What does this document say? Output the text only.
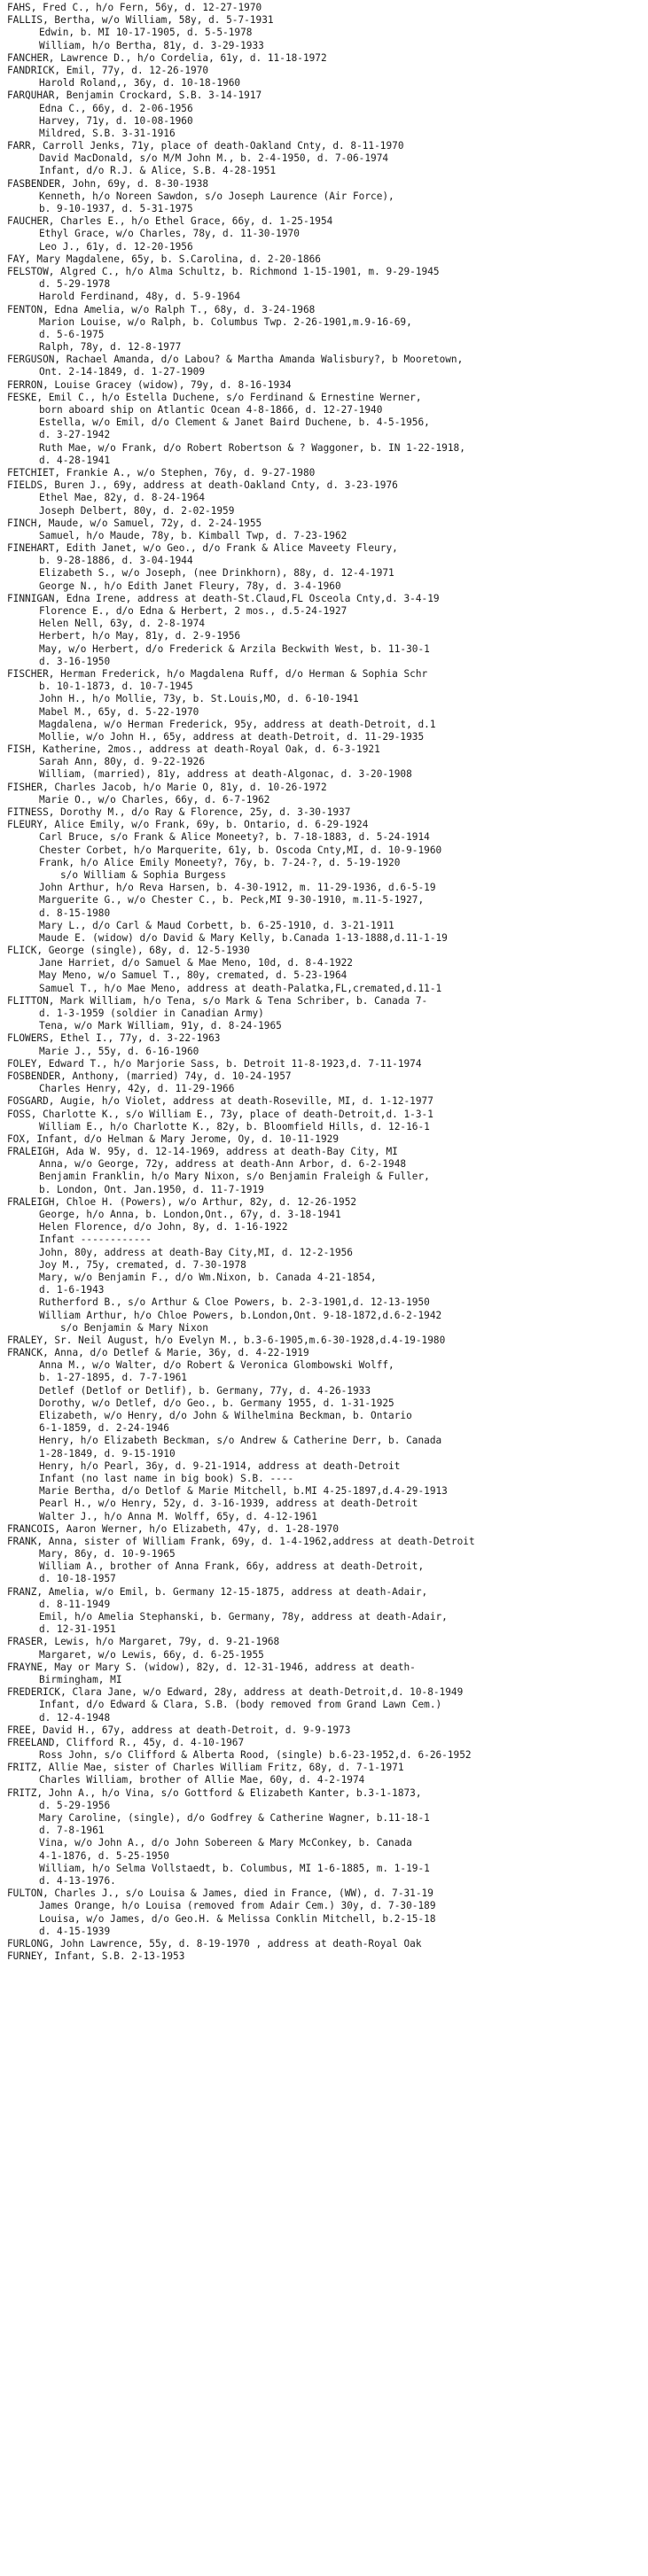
FAHS, Fred C., h/o Fern, 56y, d. 12-27-1970
FALLIS, Bertha, w/o William, 58y, d. 5-7-1931
Edwin, b. MI 10-17-1905, d. 5-5-1978
William, h/o Bertha, 81y, d. 3-29-1933
FANCHER, Lawrence D., h/o Cordelia, 61y, d. 11-18-1972
FANDRICK, Emil, 77y, d. 12-26-1970
Harold Roland,, 36y, d. 10-18-1960
FARQUHAR, Benjamin Crockard, S.B. 3-14-1917
Edna C., 66y, d. 2-06-1956
Harvey, 71y, d. 10-08-1960
Mildred, S.B. 3-31-1916
FARR, Carroll Jenks, 71y, place of death-Oakland Cnty, d. 8-11-1970
David MacDonald, s/o M/M John M., b. 2-4-1950, d. 7-06-1974
Infant, d/o R.J. & Alice, S.B. 4-28-1951
FASBENDER, John, 69y, d. 8-30-1938
Kenneth, h/o Noreen Sawdon, s/o Joseph Laurence (Air Force),
b. 9-10-1937, d. 5-31-1975
FAUCHER, Charles E., h/o Ethel Grace, 66y, d. 1-25-1954
Ethyl Grace, w/o Charles, 78y, d. 11-30-1970
Leo J., 61y, d. 12-20-1956
FAY, Mary Magdalene, 65y, b. S.Carolina, d. 2-20-1866
FELSTOW, Algred C., h/o Alma Schultz, b. Richmond 1-15-1901, m. 9-29-1945
d. 5-29-1978
Harold Ferdinand, 48y, d. 5-9-1964
FENTON, Edna Amelia, w/o Ralph T., 68y, d. 3-24-1968
Marion Louise, w/o Ralph, b. Columbus Twp. 2-26-1901,m.9-16-69,
d. 5-6-1975
Ralph, 78y, d. 12-8-1977
FERGUSON, Rachael Amanda, d/o Labou? & Martha Amanda Walisbury?, b Mooretown,
Ont. 2-14-1849, d. 1-27-1909
FERRON, Louise Gracey (widow), 79y, d. 8-16-1934
FESKE, Emil C., h/o Estella Duchene, s/o Ferdinand & Ernestine Werner,
born aboard ship on Atlantic Ocean 4-8-1866, d. 12-27-1940
Estella, w/o Emil, d/o Clement & Janet Baird Duchene, b. 4-5-1956,
d. 3-27-1942
Ruth Mae, w/o Frank, d/o Robert Robertson & ? Waggoner, b. IN 1-22-1918,
d. 4-28-1941
FETCHIET, Frankie A., w/o Stephen, 76y, d. 9-27-1980
FIELDS, Buren J., 69y, address at death-Oakland Cnty, d. 3-23-1976
Ethel Mae, 82y, d. 8-24-1964
Joseph Delbert, 80y, d. 2-02-1959
FINCH, Maude, w/o Samuel, 72y, d. 2-24-1955
Samuel, h/o Maude, 78y, b. Kimball Twp, d. 7-23-1962
FINEHART, Edith Janet, w/o Geo., d/o Frank & Alice Maveety Fleury,
b. 9-28-1886, d. 3-04-1944
Elizabeth S., w/o Joseph, (nee Drinkhorn), 88y, d. 12-4-1971
George N., h/o Edith Janet Fleury, 78y, d. 3-4-1960
FINNIGAN, Edna Irene, address at death-St.Claud,FL Osceola Cnty,d. 3-4-19
Florence E., d/o Edna & Herbert, 2 mos., d.5-24-1927
Helen Nell, 63y, d. 2-8-1974
Herbert, h/o May, 81y, d. 2-9-1956
May, w/o Herbert, d/o Frederick & Arzila Beckwith West, b. 11-30-1
d. 3-16-1950
FISCHER, Herman Frederick, h/o Magdalena Ruff, d/o Herman & Sophia Schr
b. 10-1-1873, d. 10-7-1945
John H., h/o Mollie, 73y, b. St.Louis,MO, d. 6-10-1941
Mabel M., 65y, d. 5-22-1970
Magdalena, w/o Herman Frederick, 95y, address at death-Detroit, d.1
Mollie, w/o John H., 65y, address at death-Detroit, d. 11-29-1935
FISH, Katherine, 2mos., address at death-Royal Oak, d. 6-3-1921
Sarah Ann, 80y, d. 9-22-1926
William, (married), 81y, address at death-Algonac, d. 3-20-1908
FISHER, Charles Jacob, h/o Marie O, 81y, d. 10-26-1972
Marie O., w/o Charles, 66y, d. 6-7-1962
FITNESS, Dorothy M., d/o Ray & Florence, 25y, d. 3-30-1937
FLEURY, Alice Emily, w/o Frank, 69y, b. Ontario, d. 6-29-1924
Carl Bruce, s/o Frank & Alice Moneety?, b. 7-18-1883, d. 5-24-1914
Chester Corbet, h/o Marquerite, 61y, b. Oscoda Cnty,MI, d. 10-9-1960
Frank, h/o Alice Emily Moneety?, 76y, b. 7-24-?, d. 5-19-1920
s/o William & Sophia Burgess
John Arthur, h/o Reva Harsen, b. 4-30-1912, m. 11-29-1936, d.6-5-19
Marguerite G., w/o Chester C., b. Peck,MI 9-30-1910, m.11-5-1927,
d. 8-15-1980
Mary L., d/o Carl & Maud Corbett, b. 6-25-1910, d. 3-21-1911
Maude E. (widow) d/o David & Mary Kelly, b.Canada 1-13-1888,d.11-1-19
FLICK, George (single), 68y, d. 12-5-1930
Jane Harriet, d/o Samuel & Mae Meno, 10d, d. 8-4-1922
May Meno, w/o Samuel T., 80y, cremated, d. 5-23-1964
Samuel T., h/o Mae Meno, address at death-Palatka,FL,cremated,d.11-1
FLITTON, Mark William, h/o Tena, s/o Mark & Tena Schriber, b. Canada 7-
d. 1-3-1959 (soldier in Canadian Army)
Tena, w/o Mark William, 91y, d. 8-24-1965
FLOWERS, Ethel I., 77y, d. 3-22-1963
Marie J., 55y, d. 6-16-1960
FOLEY, Edward T., h/o Marjorie Sass, b. Detroit 11-8-1923,d. 7-11-1974
FOSBENDER, Anthony, (married) 74y, d. 10-24-1957
Charles Henry, 42y, d. 11-29-1966
FOSGARD, Augie, h/o Violet, address at death-Roseville, MI, d. 1-12-1977
FOSS, Charlotte K., s/o William E., 73y, place of death-Detroit,d. 1-3-1
William E., h/o Charlotte K., 82y, b. Bloomfield Hills, d. 12-16-1
FOX, Infant, d/o Helman & Mary Jerome, Oy, d. 10-11-1929
FRALEIGH, Ada W. 95y, d. 12-14-1969, address at death-Bay City, MI
Anna, w/o George, 72y, address at death-Ann Arbor, d. 6-2-1948
Benjamin Franklin, h/o Mary Nixon, s/o Benjamin Fraleigh & Fuller,
b. London, Ont. Jan.1950, d. 11-7-1919
FRALEIGH, Chloe H. (Powers), w/o Arthur, 82y, d. 12-26-1952
George, h/o Anna, b. London,Ont., 67y, d. 3-18-1941
Helen Florence, d/o John, 8y, d. 1-16-1922
Infant ------------
John, 80y, address at death-Bay City,MI, d. 12-2-1956
Joy M., 75y, cremated, d. 7-30-1978
Mary, w/o Benjamin F., d/o Wm.Nixon, b. Canada 4-21-1854,
d. 1-6-1943
Rutherford B., s/o Arthur & Cloe Powers, b. 2-3-1901,d. 12-13-1950
William Arthur, h/o Chloe Powers, b.London,Ont. 9-18-1872,d.6-2-1942
s/o Benjamin & Mary Nixon
FRALEY, Sr. Neil August, h/o Evelyn M., b.3-6-1905,m.6-30-1928,d.4-19-1980
FRANCK, Anna, d/o Detlef & Marie, 36y, d. 4-22-1919
Anna M., w/o Walter, d/o Robert & Veronica Glombowski Wolff,
b. 1-27-1895, d. 7-7-1961
Detlef (Detlof or Detlif), b. Germany, 77y, d. 4-26-1933
Dorothy, w/o Detlef, d/o Geo., b. Germany 1955, d. 1-31-1925
Elizabeth, w/o Henry, d/o John & Wilhelmina Beckman, b. Ontario
6-1-1859, d. 2-24-1946
Henry, h/o Elizabeth Beckman, s/o Andrew & Catherine Derr, b. Canada
1-28-1849, d. 9-15-1910
Henry, h/o Pearl, 36y, d. 9-21-1914, address at death-Detroit
Infant (no last name in big book) S.B. ----
Marie Bertha, d/o Detlof & Marie Mitchell, b.MI 4-25-1897,d.4-29-1913
Pearl H., w/o Henry, 52y, d. 3-16-1939, address at death-Detroit
Walter J., h/o Anna M. Wolff, 65y, d. 4-12-1961
FRANCOIS, Aaron Werner, h/o Elizabeth, 47y, d. 1-28-1970
FRANK, Anna, sister of William Frank, 69y, d. 1-4-1962,address at death-Detroit
Mary, 86y, d. 10-9-1965
William A., brother of Anna Frank, 66y, address at death-Detroit,
d. 10-18-1957
FRANZ, Amelia, w/o Emil, b. Germany 12-15-1875, address at death-Adair,
d. 8-11-1949
Emil, h/o Amelia Stephanski, b. Germany, 78y, address at death-Adair,
d. 12-31-1951
FRASER, Lewis, h/o Margaret, 79y, d. 9-21-1968
Margaret, w/o Lewis, 66y, d. 6-25-1955
FRAYNE, May or Mary S. (widow), 82y, d. 12-31-1946, address at death-
Birmingham, MI
FREDERICK, Clara Jane, w/o Edward, 28y, address at death-Detroit,d. 10-8-1949
Infant, d/o Edward & Clara, S.B. (body removed from Grand Lawn Cem.)
d. 12-4-1948
FREE, David H., 67y, address at death-Detroit, d. 9-9-1973
FREELAND, Clifford R., 45y, d. 4-10-1967
Ross John, s/o Clifford & Alberta Rood, (single) b.6-23-1952,d. 6-26-1952
FRITZ, Allie Mae, sister of Charles William Fritz, 68y, d. 7-1-1971
Charles William, brother of Allie Mae, 60y, d. 4-2-1974
FRITZ, John A., h/o Vina, s/o Gottford & Elizabeth Kanter, b.3-1-1873,
d. 5-29-1956
Mary Caroline, (single), d/o Godfrey & Catherine Wagner, b.11-18-1
d. 7-8-1961
Vina, w/o John A., d/o John Sobereen & Mary McConkey, b. Canada
4-1-1876, d. 5-25-1950
William, h/o Selma Vollstaedt, b. Columbus, MI 1-6-1885, m. 1-19-1
d. 4-13-1976.
FULTON, Charles J., s/o Louisa & James, died in France, (WW), d. 7-31-19
James Orange, h/o Louisa (removed from Adair Cem.) 30y, d. 7-30-189
Louisa, w/o James, d/o Geo.H. & Melissa Conklin Mitchell, b.2-15-18
d. 4-15-1939
FURLONG, John Lawrence, 55y, d. 8-19-1970 , address at death-Royal Oak
FURNEY, Infant, S.B. 2-13-1953
